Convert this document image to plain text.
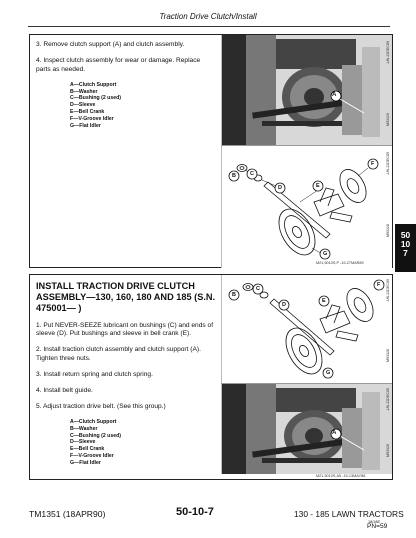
Traction Drive Clutch/Install

3. Remove clutch support (A) and clutch assembly.

4. Inspect clutch assembly for wear or damage. Replace parts as needed.

A—Clutch Support
B—Washer
C—Bushing (2 used)
D—Sleeve
E—Bell Crank
F—V-Groove Idler
G—Flat Idler
A
-UN-22DEC89
M93326
B	C
D	E
F
G
-UN-22DEC89
M93328
M21,5010S,P -19-27MAR89
INSTALL TRACTION DRIVE CLUTCH ASSEMBLY—130, 160, 180 AND 185 (S.N. 475001— )

1. Put NEVER-SEEZE lubricant on bushings (C) and ends of sleeve (D). Put bushings and sleeve in bell crank (E).

2. Install traction clutch assembly and clutch support (A). Tighten three nuts.

3. Install return spring and clutch spring.

4. Install belt guide.

5. Adjust traction drive belt. (See this group.)

A—Clutch Support
B—Washer
C—Bushing (2 used)
D—Sleeve
E—Bell Crank
F—V-Groove Idler
G—Flat Idler
B
C
D
E
F
G
-UN-22DEC89
M93328
A
-UN-22DEC89
M93326
M21,5010S,A5 -19-13MAY88
50
10
7
TM1351 (18APR90)	50-10-7	130 - 185 LAWN TRACTORS
18/18E
PN=59
